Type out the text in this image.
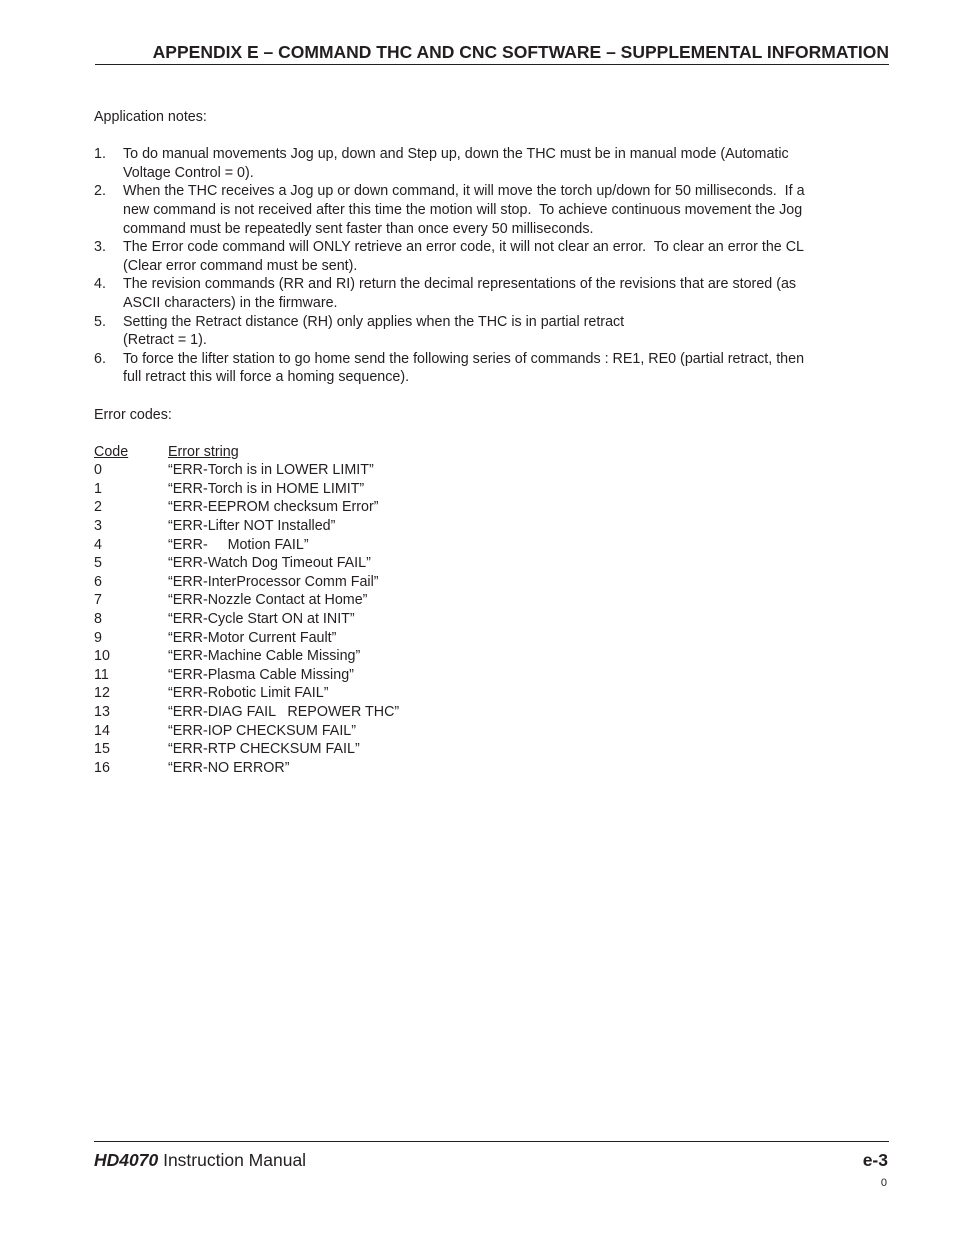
APPENDIX E – COMMAND THC AND CNC SOFTWARE – SUPPLEMENTAL INFORMATION

Application notes:

1.	To do manual movements Jog up, down and Step up, down the THC must be in manual mode (Automatic
Voltage Control = 0).
2.	When the THC receives a Jog up or down command, it will move the torch up/down for 50 milliseconds.  If a
new command is not received after this time the motion will stop.  To achieve continuous movement the Jog
command must be repeatedly sent faster than once every 50 milliseconds.
3.	The Error code command will ONLY retrieve an error code, it will not clear an error.  To clear an error the CL
(Clear error command must be sent).
4.	The revision commands (RR and RI) return the decimal representations of the revisions that are stored (as
ASCII characters) in the firmware.
5.	Setting the Retract distance (RH) only applies when the THC is in partial retract
(Retract = 1).
6.	To force the lifter station to go home send the following series of commands : RE1, RE0 (partial retract, then
full retract this will force a homing sequence).

Error codes:

Code	Error string
0	“ERR-Torch is in LOWER LIMIT”
1	“ERR-Torch is in HOME LIMIT”
2	“ERR-EEPROM checksum Error”
3	“ERR-Lifter NOT Installed”
4	“ERR-     Motion FAIL”
5	“ERR-Watch Dog Timeout FAIL”
6	“ERR-InterProcessor Comm Fail”
7	“ERR-Nozzle Contact at Home”
8	“ERR-Cycle Start ON at INIT”
9	“ERR-Motor Current Fault”
10	“ERR-Machine Cable Missing”
11	“ERR-Plasma Cable Missing”
12	“ERR-Robotic Limit FAIL”
13	“ERR-DIAG FAIL   REPOWER THC”
14	“ERR-IOP CHECKSUM FAIL”
15	“ERR-RTP CHECKSUM FAIL”
16	“ERR-NO ERROR”
HD4070 Instruction Manual	e-3
0
